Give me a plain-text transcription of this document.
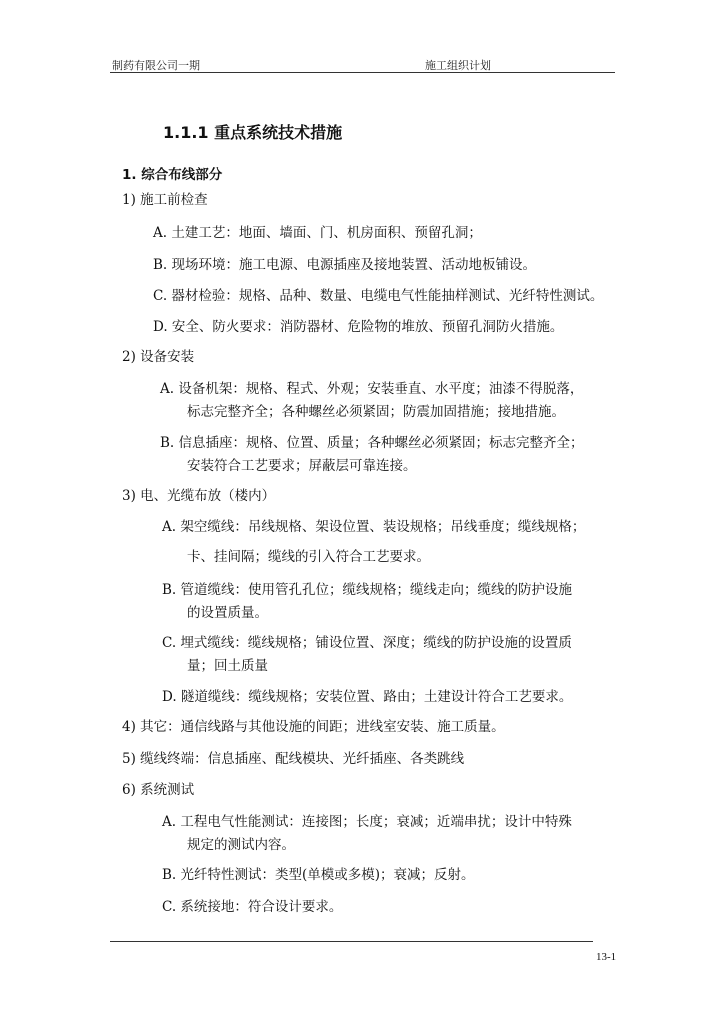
制药有限公司一期	施工组织计划
1.1.1 重点系统技术措施
1. 综合布线部分
1) 施工前检查
A. 土建工艺：地面、墙面、门、机房面积、预留孔洞；
B. 现场环境：施工电源、电源插座及接地装置、活动地板铺设。
C. 器材检验：规格、品种、数量、电缆电气性能抽样测试、光纤特性测试。
D. 安全、防火要求：消防器材、危险物的堆放、预留孔洞防火措施。
2) 设备安装
A. 设备机架：规格、程式、外观；安装垂直、水平度；油漆不得脱落，
标志完整齐全；各种螺丝必须紧固；防震加固措施；接地措施。
B. 信息插座：规格、位置、质量；各种螺丝必须紧固；标志完整齐全；
安装符合工艺要求；屏蔽层可靠连接。
3) 电、光缆布放（楼内）
A. 架空缆线：吊线规格、架设位置、装设规格；吊线垂度；缆线规格；
卡、挂间隔；缆线的引入符合工艺要求。
B. 管道缆线：使用管孔孔位；缆线规格；缆线走向；缆线的防护设施
的设置质量。
C. 埋式缆线：缆线规格；铺设位置、深度；缆线的防护设施的设置质
量；回土质量
D. 隧道缆线：缆线规格；安装位置、路由；土建设计符合工艺要求。
4) 其它：通信线路与其他设施的间距；进线室安装、施工质量。
5) 缆线终端：信息插座、配线模块、光纤插座、各类跳线
6) 系统测试
A. 工程电气性能测试：连接图；长度；衰减；近端串扰；设计中特殊
规定的测试内容。
B. 光纤特性测试：类型(单模或多模)；衰减；反射。
C. 系统接地：符合设计要求。
13-1
